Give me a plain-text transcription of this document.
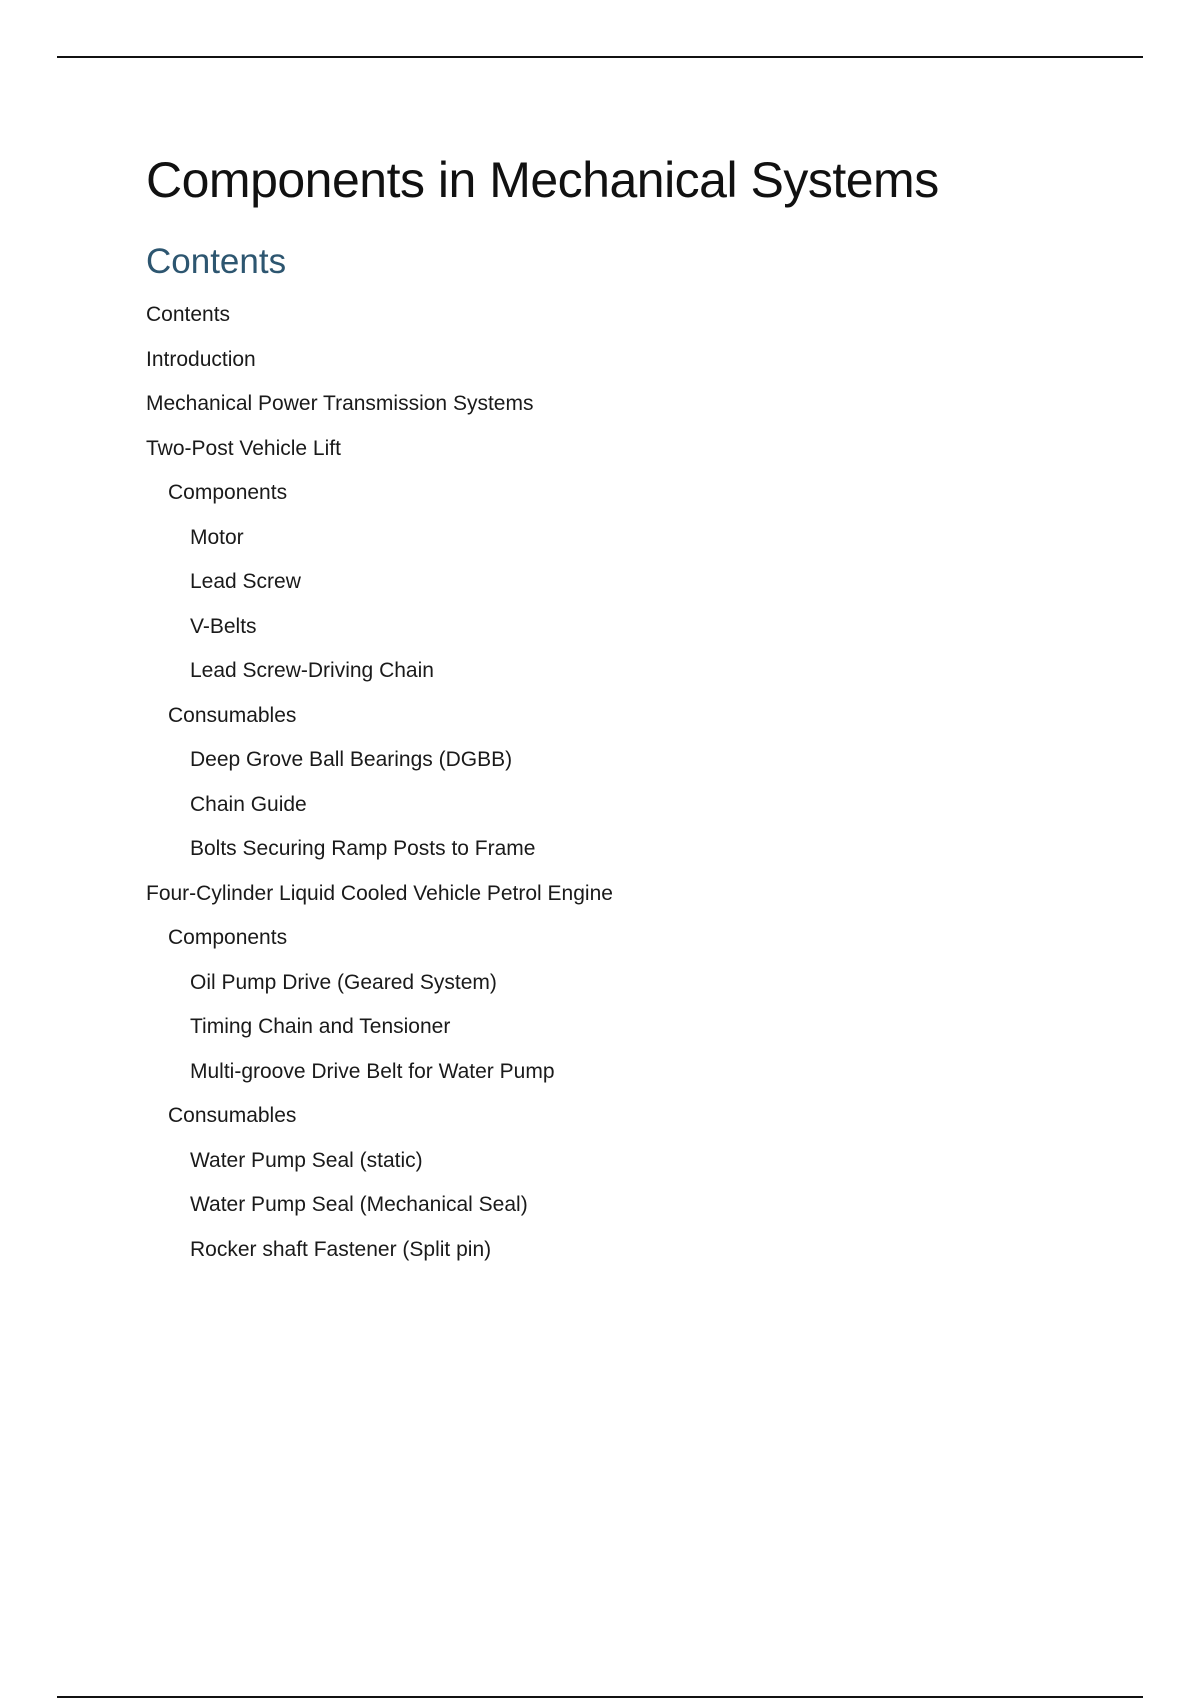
Components in Mechanical Systems
Contents
Contents
Introduction
Mechanical Power Transmission Systems
Two-Post Vehicle Lift
Components
Motor
Lead Screw
V-Belts
Lead Screw-Driving Chain
Consumables
Deep Grove Ball Bearings (DGBB)
Chain Guide
Bolts Securing Ramp Posts to Frame
Four-Cylinder Liquid Cooled Vehicle Petrol Engine
Components
Oil Pump Drive (Geared System)
Timing Chain and Tensioner
Multi-groove Drive Belt for Water Pump
Consumables
Water Pump Seal (static)
Water Pump Seal (Mechanical Seal)
Rocker shaft Fastener (Split pin)
